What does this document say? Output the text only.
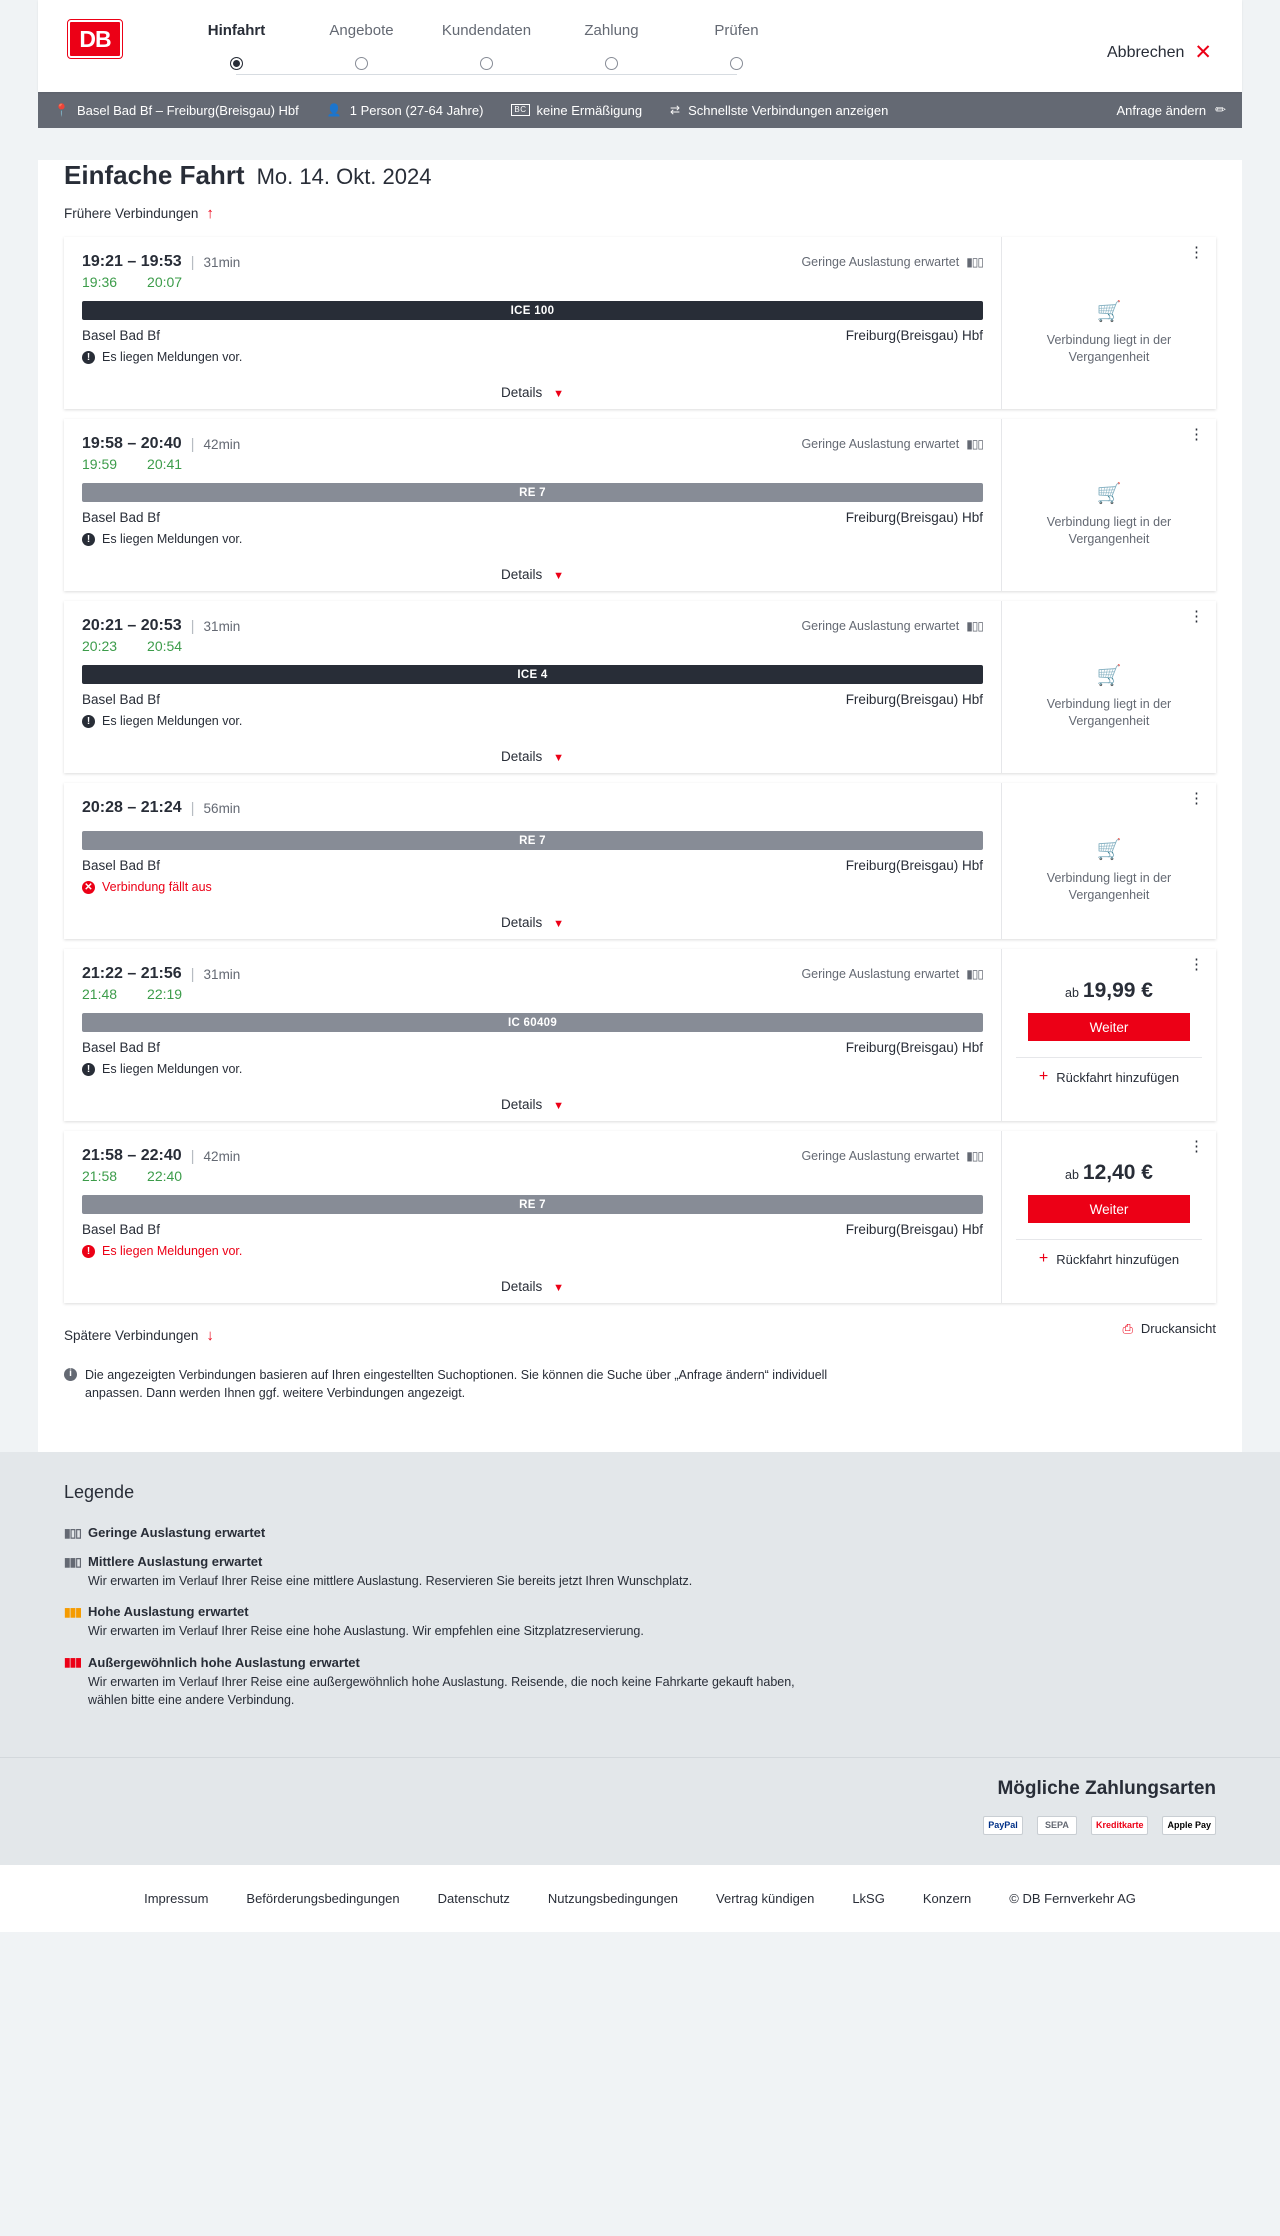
DB	Hinfahrt	Angebote	Kundendaten	Zahlung	Prüfen
Abbrechen ✕
📍 Basel Bad Bf – Freiburg(Breisgau) Hbf 👤 1 Person (27-64 Jahre)	BC keine Ermäßigung ⇄ Schnellste Verbindungen anzeigen	Anfrage ändern ✏
Einfache Fahrt Mo. 14. Okt. 2024
Frühere Verbindungen ↑
19:21 – 19:53 | 31min	Geringe Auslastung erwartet ▮▯▯
19:36 20:07
ICE 100
Basel Bad Bf	Freiburg(Breisgau) Hbf
! Es liegen Meldungen vor.
Details ▼
⋮
🛒
Verbindung liegt in der Vergangenheit
19:58 – 20:40 | 42min	Geringe Auslastung erwartet ▮▯▯
19:59 20:41
RE 7
Basel Bad Bf	Freiburg(Breisgau) Hbf
! Es liegen Meldungen vor.
Details ▼
⋮
🛒
Verbindung liegt in der Vergangenheit
20:21 – 20:53 | 31min	Geringe Auslastung erwartet ▮▯▯
20:23 20:54
ICE 4
Basel Bad Bf	Freiburg(Breisgau) Hbf
! Es liegen Meldungen vor.
Details ▼
⋮
🛒
Verbindung liegt in der Vergangenheit
20:28 – 21:24 | 56min
RE 7
Basel Bad Bf	Freiburg(Breisgau) Hbf
✕ Verbindung fällt aus
Details ▼
⋮
🛒
Verbindung liegt in der Vergangenheit
21:22 – 21:56 | 31min	Geringe Auslastung erwartet ▮▯▯
21:48 22:19
IC 60409
Basel Bad Bf	Freiburg(Breisgau) Hbf
! Es liegen Meldungen vor.
Details ▼
⋮
ab 19,99 €
Weiter
+ Rückfahrt hinzufügen
21:58 – 22:40 | 42min	Geringe Auslastung erwartet ▮▯▯
21:58 22:40
RE 7
Basel Bad Bf	Freiburg(Breisgau) Hbf
! Es liegen Meldungen vor.
Details ▼
⋮
ab 12,40 €
Weiter
+ Rückfahrt hinzufügen
Spätere Verbindungen ↓	⎙ Druckansicht
i	Die angezeigten Verbindungen basieren auf Ihren eingestellten Suchoptionen. Sie können die Suche über „Anfrage ändern“ individuell anpassen. Dann werden Ihnen ggf. weitere Verbindungen angezeigt.
Legende
▮▯▯ Geringe Auslastung erwartet
▮▮▯ Mittlere Auslastung erwartet
Wir erwarten im Verlauf Ihrer Reise eine mittlere Auslastung. Reservieren Sie bereits jetzt Ihren Wunschplatz.
▮▮▮ Hohe Auslastung erwartet
Wir erwarten im Verlauf Ihrer Reise eine hohe Auslastung. Wir empfehlen eine Sitzplatzreservierung.
▮▮▮ Außergewöhnlich hohe Auslastung erwartet
Wir erwarten im Verlauf Ihrer Reise eine außergewöhnlich hohe Auslastung. Reisende, die noch keine Fahrkarte gekauft haben, wählen bitte eine andere Verbindung.
Mögliche Zahlungsarten
PayPal	SEPA	Kreditkarte	Apple Pay
Impressum	Beförderungsbedingungen	Datenschutz	Nutzungsbedingungen	Vertrag kündigen	LkSG	Konzern	© DB Fernverkehr AG
